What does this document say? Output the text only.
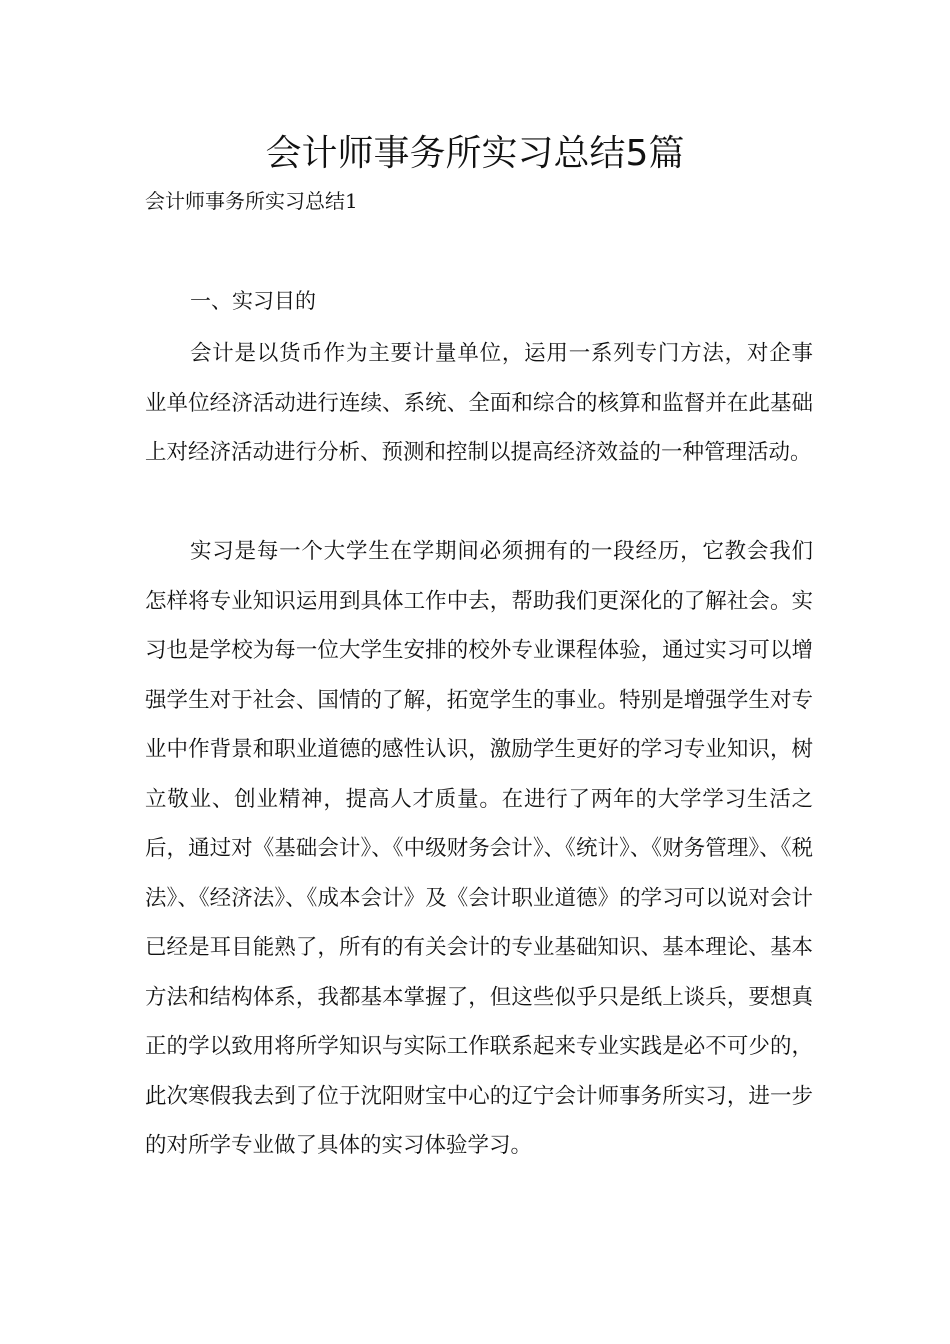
会计师事务所实习总结5篇

会计师事务所实习总结1

一、实习目的

会计是以货币作为主要计量单位，运用一系列专门方法，对企事业单位经济活动进行连续、系统、全面和综合的核算和监督并在此基础上对经济活动进行分析、预测和控制以提高经济效益的一种管理活动。

实习是每一个大学生在学期间必须拥有的一段经历，它教会我们怎样将专业知识运用到具体工作中去，帮助我们更深化的了解社会。实习也是学校为每一位大学生安排的校外专业课程体验，通过实习可以增强学生对于社会、国情的了解，拓宽学生的事业。特别是增强学生对专业中作背景和职业道德的感性认识，激励学生更好的学习专业知识，树立敬业、创业精神，提高人才质量。在进行了两年的大学学习生活之后，通过对《基础会计》、《中级财务会计》、《统计》、《财务管理》、《税法》、《经济法》、《成本会计》及《会计职业道德》的学习可以说对会计已经是耳目能熟了，所有的有关会计的专业基础知识、基本理论、基本方法和结构体系，我都基本掌握了，但这些似乎只是纸上谈兵，要想真正的学以致用将所学知识与实际工作联系起来专业实践是必不可少的，此次寒假我去到了位于沈阳财宝中心的辽宁会计师事务所实习，进一步的对所学专业做了具体的实习体验学习。
